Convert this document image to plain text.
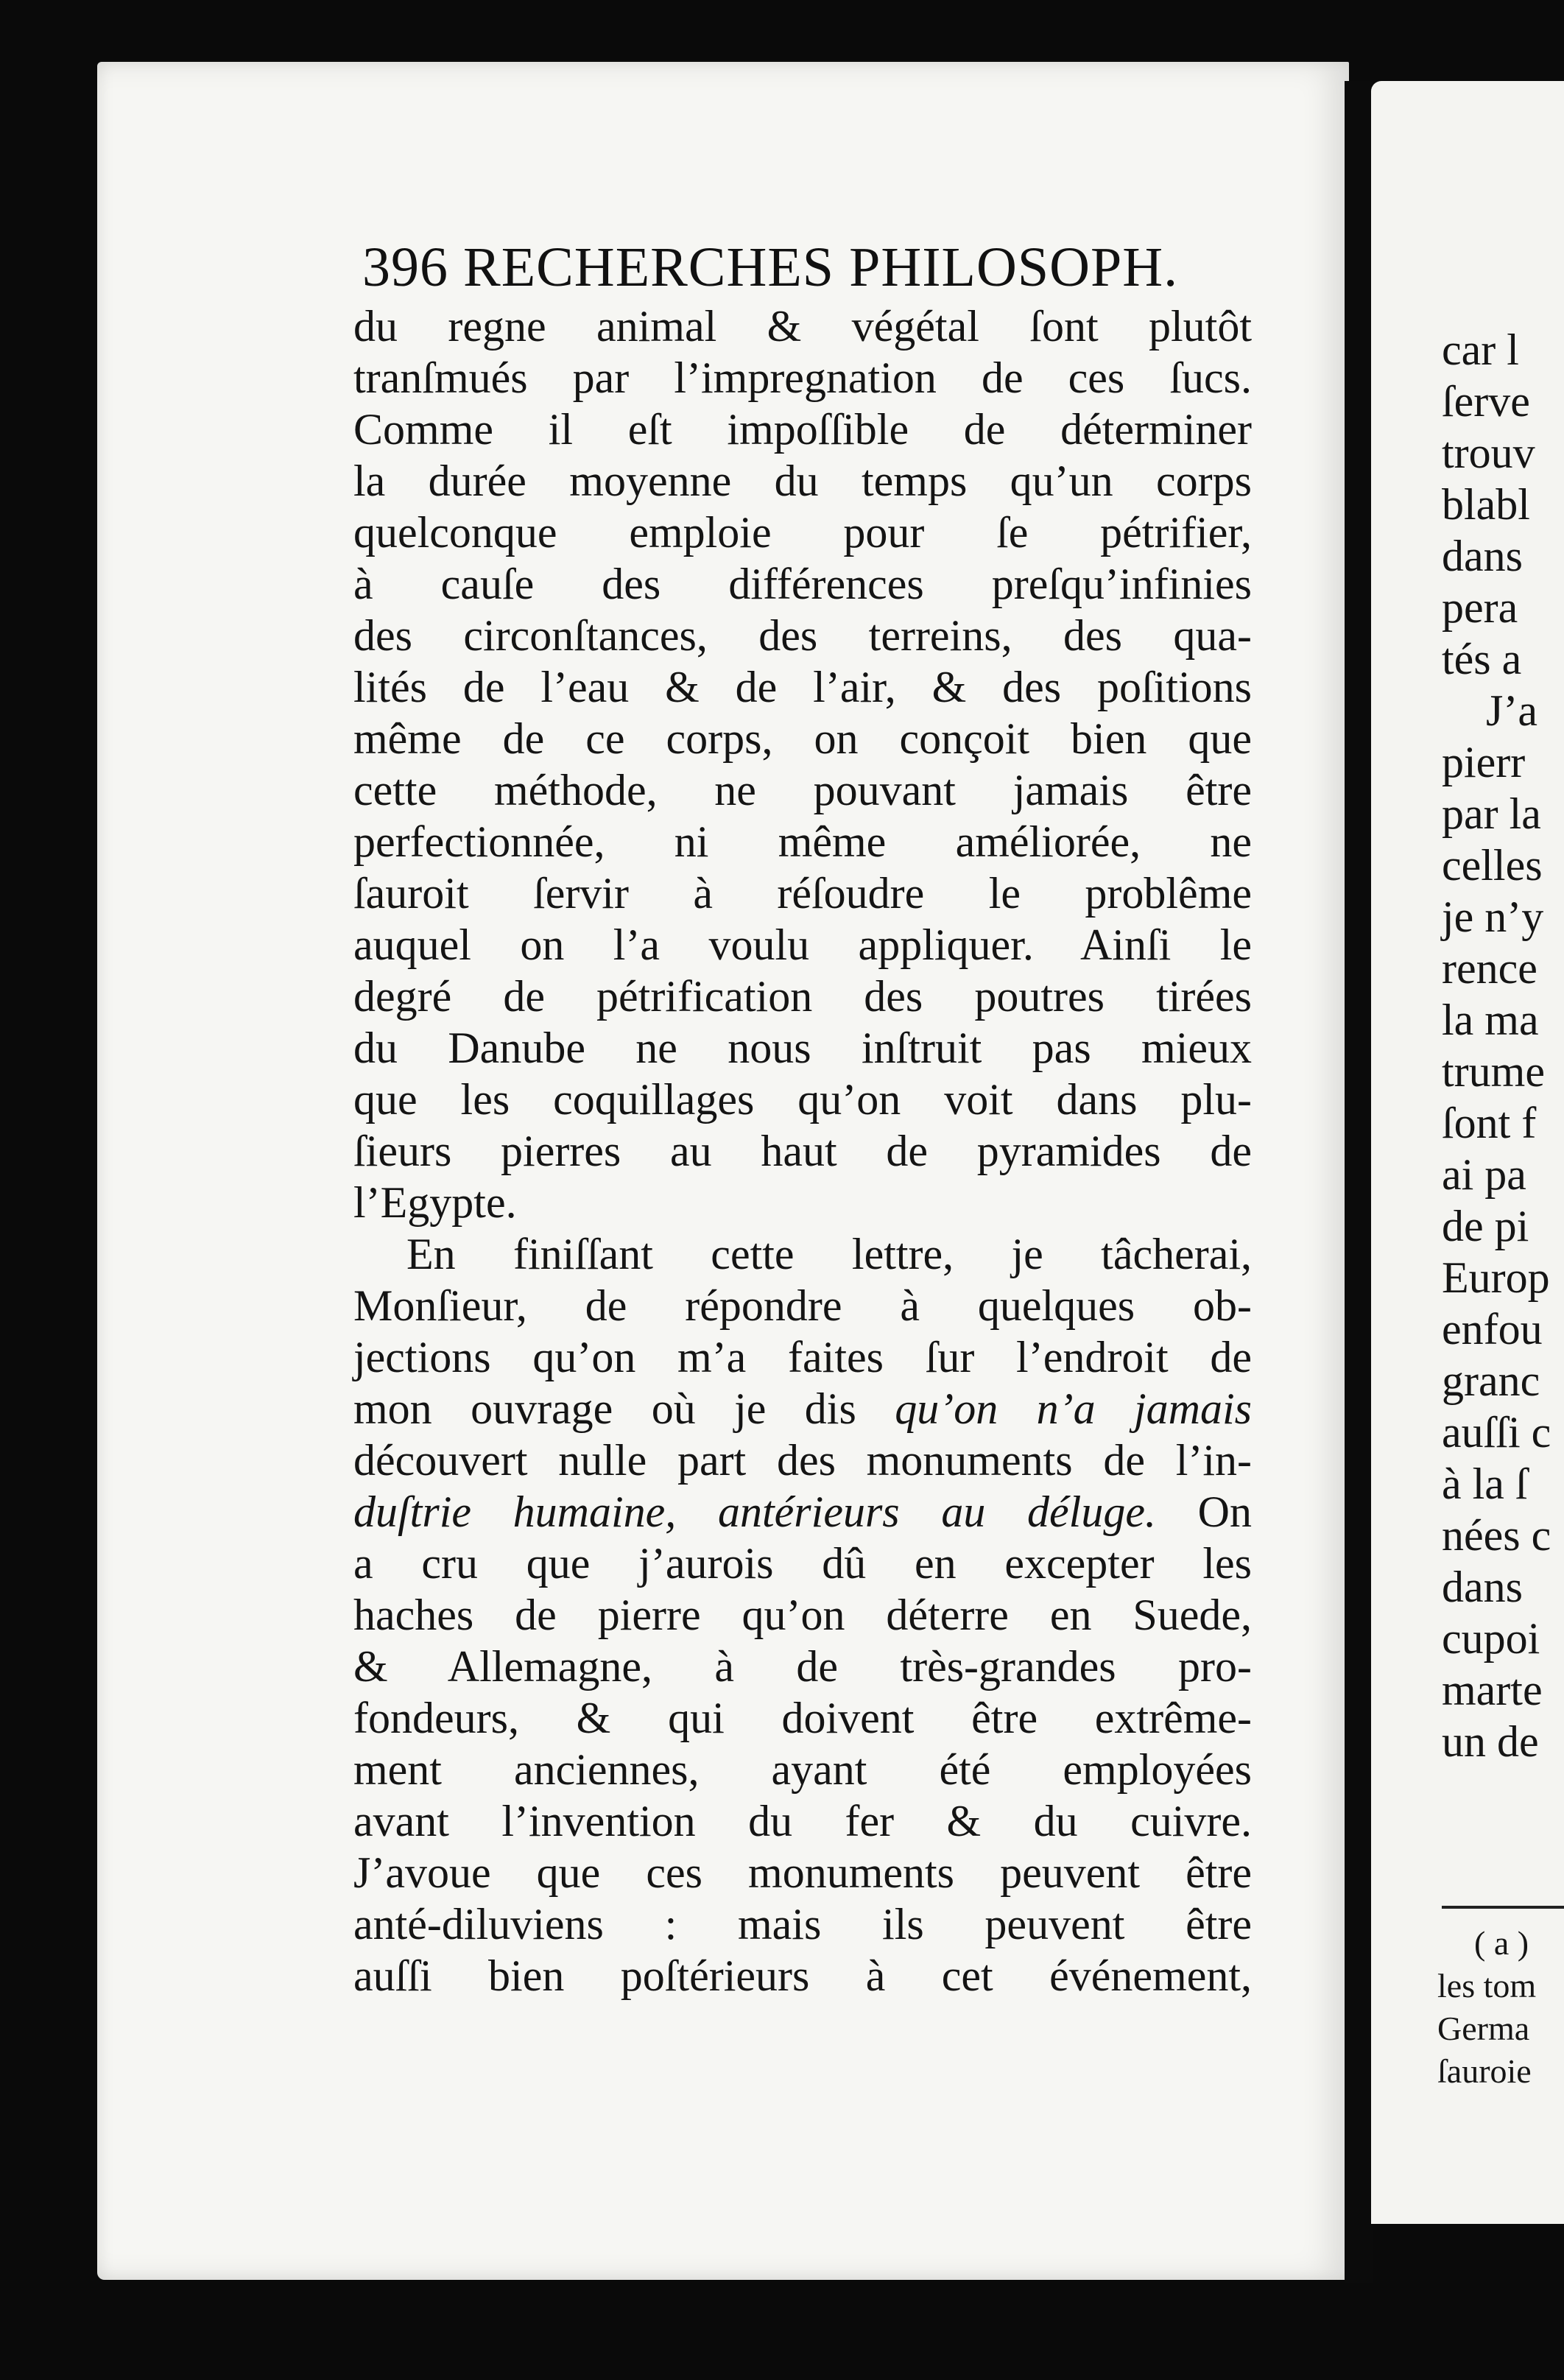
396 RECHERCHES PHILOSOPH.
du regne animal & végétal ſont plutôt
tranſmués par l’impregnation de ces ſucs.
Comme il eſt impoſſible de déterminer
la durée moyenne du temps qu’un corps
quelconque emploie pour ſe pétrifier,
à cauſe des différences preſqu’infinies
des circonſtances, des terreins, des qua-
lités de l’eau & de l’air, & des poſitions
même de ce corps, on conçoit bien que
cette méthode, ne pouvant jamais être
perfectionnée, ni même améliorée, ne
ſauroit ſervir à réſoudre le problême
auquel on l’a voulu appliquer. Ainſi le
degré de pétrification des poutres tirées
du Danube ne nous inſtruit pas mieux
que les coquillages qu’on voit dans plu-
ſieurs pierres au haut de pyramides de
l’Egypte.
En finiſſant cette lettre, je tâcherai,
Monſieur, de répondre à quelques ob-
jections qu’on m’a faites ſur l’endroit de
mon ouvrage où je dis qu’on n’a jamais
découvert nulle part des monuments de l’in-
duſtrie humaine, antérieurs au déluge. On
a cru que j’aurois dû en excepter les
haches de pierre qu’on déterre en Suede,
& Allemagne, à de très-grandes pro-
fondeurs, & qui doivent être extrême-
ment anciennes, ayant été employées
avant l’invention du fer & du cuivre.
J’avoue que ces monuments peuvent être
anté-diluviens : mais ils peuvent être
auſſi bien poſtérieurs à cet événement,
car l
ſerve
trouv
blabl
dans
pera
tés a
J’a
pierr
par la
celles
je n’y
rence
la ma
trume
ſont f
ai pa
de pi
Europ
enfou
granc
auſſi c
à la ſ
nées c
dans
cupoi
marte
un de
( a )
les tom
Germa
ſauroie
